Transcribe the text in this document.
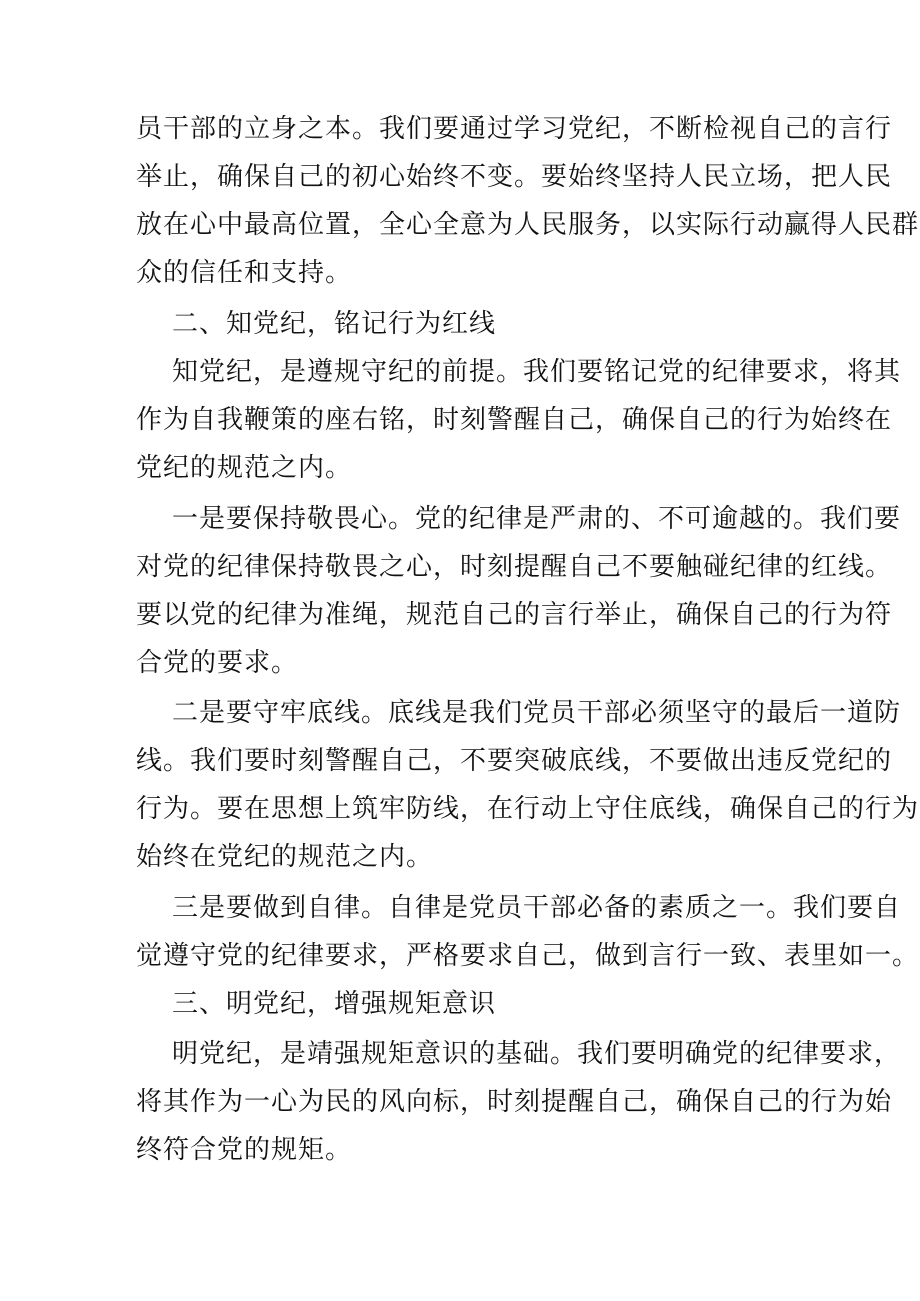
员干部的立身之本。我们要通过学习党纪，不断检视自己的言行

举止，确保自己的初心始终不变。要始终坚持人民立场，把人民

放在心中最高位置，全心全意为人民服务，以实际行动赢得人民群

众的信任和支持。

二、知党纪，铭记行为红线

知党纪，是遵规守纪的前提。我们要铭记党的纪律要求，将其

作为自我鞭策的座右铭，时刻警醒自己，确保自己的行为始终在

党纪的规范之内。

一是要保持敬畏心。党的纪律是严肃的、不可逾越的。我们要

对党的纪律保持敬畏之心，时刻提醒自己不要触碰纪律的红线。

要以党的纪律为准绳，规范自己的言行举止，确保自己的行为符

合党的要求。

二是要守牢底线。底线是我们党员干部必须坚守的最后一道防

线。我们要时刻警醒自己，不要突破底线，不要做出违反党纪的

行为。要在思想上筑牢防线，在行动上守住底线，确保自己的行为

始终在党纪的规范之内。

三是要做到自律。自律是党员干部必备的素质之一。我们要自

觉遵守党的纪律要求，严格要求自己，做到言行一致、表里如一。

三、明党纪，增强规矩意识

明党纪，是靖强规矩意识的基础。我们要明确党的纪律要求，

将其作为一心为民的风向标，时刻提醒自己，确保自己的行为始

终符合党的规矩。
